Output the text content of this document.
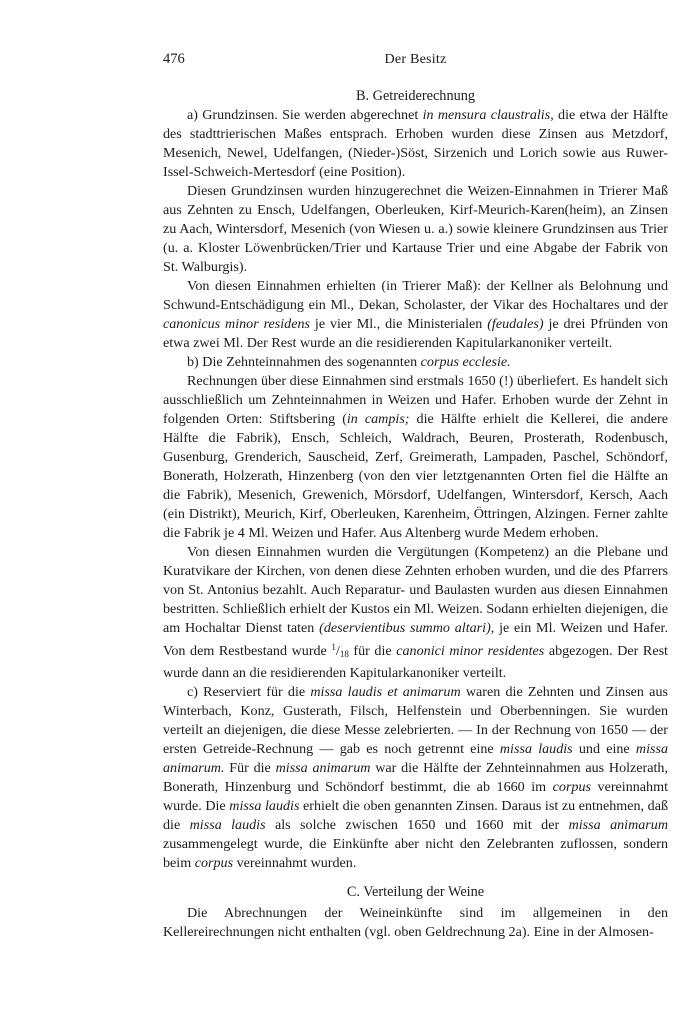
476	Der Besitz
B. Getreiderechnung

a) Grundzinsen. Sie werden abgerechnet in mensura claustralis, die etwa der Hälfte des stadttrierischen Maßes entsprach. Erhoben wurden diese Zinsen aus Metzdorf, Mesenich, Newel, Udelfangen, (Nieder-)Söst, Sirzenich und Lorich sowie aus Ruwer-Issel-Schweich-Mertesdorf (eine Position).

Diesen Grundzinsen wurden hinzugerechnet die Weizen-Einnahmen in Trierer Maß aus Zehnten zu Ensch, Udelfangen, Oberleuken, Kirf-Meurich-Karen(heim), an Zinsen zu Aach, Wintersdorf, Mesenich (von Wiesen u. a.) sowie kleinere Grundzinsen aus Trier (u. a. Kloster Löwenbrücken/Trier und Kartause Trier und eine Abgabe der Fabrik von St. Walburgis).

Von diesen Einnahmen erhielten (in Trierer Maß): der Kellner als Belohnung und Schwund-Entschädigung ein Ml., Dekan, Scholaster, der Vikar des Hochaltares und der canonicus minor residens je vier Ml., die Ministerialen (feudales) je drei Pfründen von etwa zwei Ml. Der Rest wurde an die residierenden Kapitularkanoniker verteilt.

b) Die Zehnteinnahmen des sogenannten corpus ecclesie.

Rechnungen über diese Einnahmen sind erstmals 1650 (!) überliefert. Es handelt sich ausschließlich um Zehnteinnahmen in Weizen und Hafer. Erhoben wurde der Zehnt in folgenden Orten: Stiftsbering (in campis; die Hälfte erhielt die Kellerei, die andere Hälfte die Fabrik), Ensch, Schleich, Waldrach, Beuren, Prosterath, Rodenbusch, Gusenburg, Grenderich, Sauscheid, Zerf, Greimerath, Lampaden, Paschel, Schöndorf, Bonerath, Holzerath, Hinzenberg (von den vier letztgenannten Orten fiel die Hälfte an die Fabrik), Mesenich, Grewenich, Mörsdorf, Udelfangen, Wintersdorf, Kersch, Aach (ein Distrikt), Meurich, Kirf, Oberleuken, Karenheim, Öttringen, Alzingen. Ferner zahlte die Fabrik je 4 Ml. Weizen und Hafer. Aus Altenberg wurde Medem erhoben.

Von diesen Einnahmen wurden die Vergütungen (Kompetenz) an die Plebane und Kuratvikare der Kirchen, von denen diese Zehnten erhoben wurden, und die des Pfarrers von St. Antonius bezahlt. Auch Reparatur- und Baulasten wurden aus diesen Einnahmen bestritten. Schließlich erhielt der Kustos ein Ml. Weizen. Sodann erhielten diejenigen, die am Hochaltar Dienst taten (deservientibus summo altari), je ein Ml. Weizen und Hafer. Von dem Restbestand wurde $^1/_{18}$ für die canonici minor residentes abgezogen. Der Rest wurde dann an die residierenden Kapitularkanoniker verteilt.

c) Reserviert für die missa laudis et animarum waren die Zehnten und Zinsen aus Winterbach, Konz, Gusterath, Filsch, Helfenstein und Oberbenningen. Sie wurden verteilt an diejenigen, die diese Messe zelebrierten. — In der Rechnung von 1650 — der ersten Getreide-Rechnung — gab es noch getrennt eine missa laudis und eine missa animarum. Für die missa animarum war die Hälfte der Zehnteinnahmen aus Holzerath, Bonerath, Hinzenburg und Schöndorf bestimmt, die ab 1660 im corpus vereinnahmt wurde. Die missa laudis erhielt die oben genannten Zinsen. Daraus ist zu entnehmen, daß die missa laudis als solche zwischen 1650 und 1660 mit der missa animarum zusammengelegt wurde, die Einkünfte aber nicht den Zelebranten zuflossen, sondern beim corpus vereinnahmt wurden.

C. Verteilung der Weine

Die Abrechnungen der Weineinkünfte sind im allgemeinen in den Kellereirechnungen nicht enthalten (vgl. oben Geldrechnung 2a). Eine in der Almosen-
